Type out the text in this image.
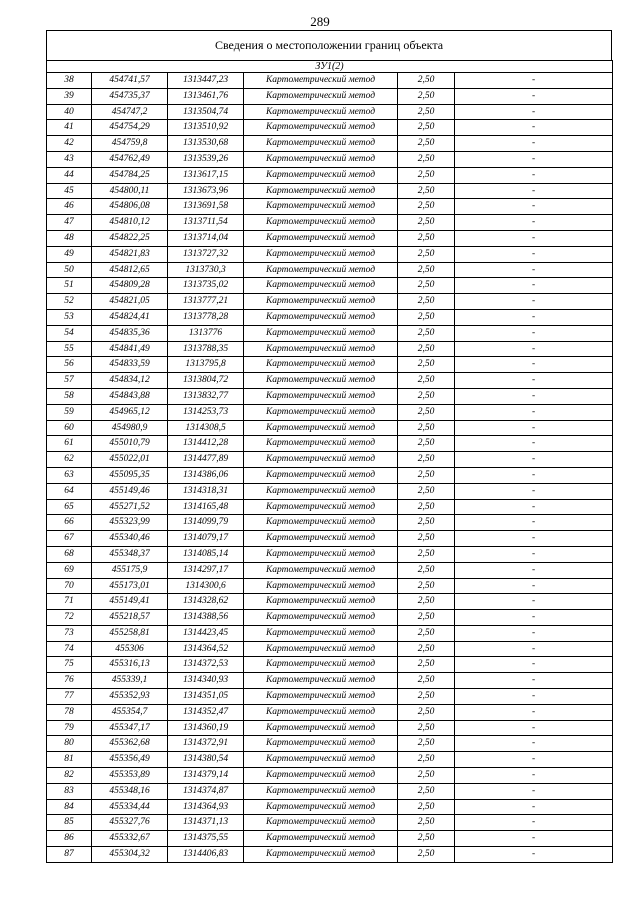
289
Сведения о местоположении границ объекта
ЗУ1(2)					
38	454741,57	1313447,23	Картометрический метод	2,50	-
39	454735,37	1313461,76	Картометрический метод	2,50	-
40	454747,2	1313504,74	Картометрический метод	2,50	-
41	454754,29	1313510,92	Картометрический метод	2,50	-
42	454759,8	1313530,68	Картометрический метод	2,50	-
43	454762,49	1313539,26	Картометрический метод	2,50	-
44	454784,25	1313617,15	Картометрический метод	2,50	-
45	454800,11	1313673,96	Картометрический метод	2,50	-
46	454806,08	1313691,58	Картометрический метод	2,50	-
47	454810,12	1313711,54	Картометрический метод	2,50	-
48	454822,25	1313714,04	Картометрический метод	2,50	-
49	454821,83	1313727,32	Картометрический метод	2,50	-
50	454812,65	1313730,3	Картометрический метод	2,50	-
51	454809,28	1313735,02	Картометрический метод	2,50	-
52	454821,05	1313777,21	Картометрический метод	2,50	-
53	454824,41	1313778,28	Картометрический метод	2,50	-
54	454835,36	1313776	Картометрический метод	2,50	-
55	454841,49	1313788,35	Картометрический метод	2,50	-
56	454833,59	1313795,8	Картометрический метод	2,50	-
57	454834,12	1313804,72	Картометрический метод	2,50	-
58	454843,88	1313832,77	Картометрический метод	2,50	-
59	454965,12	1314253,73	Картометрический метод	2,50	-
60	454980,9	1314308,5	Картометрический метод	2,50	-
61	455010,79	1314412,28	Картометрический метод	2,50	-
62	455022,01	1314477,89	Картометрический метод	2,50	-
63	455095,35	1314386,06	Картометрический метод	2,50	-
64	455149,46	1314318,31	Картометрический метод	2,50	-
65	455271,52	1314165,48	Картометрический метод	2,50	-
66	455323,99	1314099,79	Картометрический метод	2,50	-
67	455340,46	1314079,17	Картометрический метод	2,50	-
68	455348,37	1314085,14	Картометрический метод	2,50	-
69	455175,9	1314297,17	Картометрический метод	2,50	-
70	455173,01	1314300,6	Картометрический метод	2,50	-
71	455149,41	1314328,62	Картометрический метод	2,50	-
72	455218,57	1314388,56	Картометрический метод	2,50	-
73	455258,81	1314423,45	Картометрический метод	2,50	-
74	455306	1314364,52	Картометрический метод	2,50	-
75	455316,13	1314372,53	Картометрический метод	2,50	-
76	455339,1	1314340,93	Картометрический метод	2,50	-
77	455352,93	1314351,05	Картометрический метод	2,50	-
78	455354,7	1314352,47	Картометрический метод	2,50	-
79	455347,17	1314360,19	Картометрический метод	2,50	-
80	455362,68	1314372,91	Картометрический метод	2,50	-
81	455356,49	1314380,54	Картометрический метод	2,50	-
82	455353,89	1314379,14	Картометрический метод	2,50	-
83	455348,16	1314374,87	Картометрический метод	2,50	-
84	455334,44	1314364,93	Картометрический метод	2,50	-
85	455327,76	1314371,13	Картометрический метод	2,50	-
86	455332,67	1314375,55	Картометрический метод	2,50	-
87	455304,32	1314406,83	Картометрический метод	2,50	-
